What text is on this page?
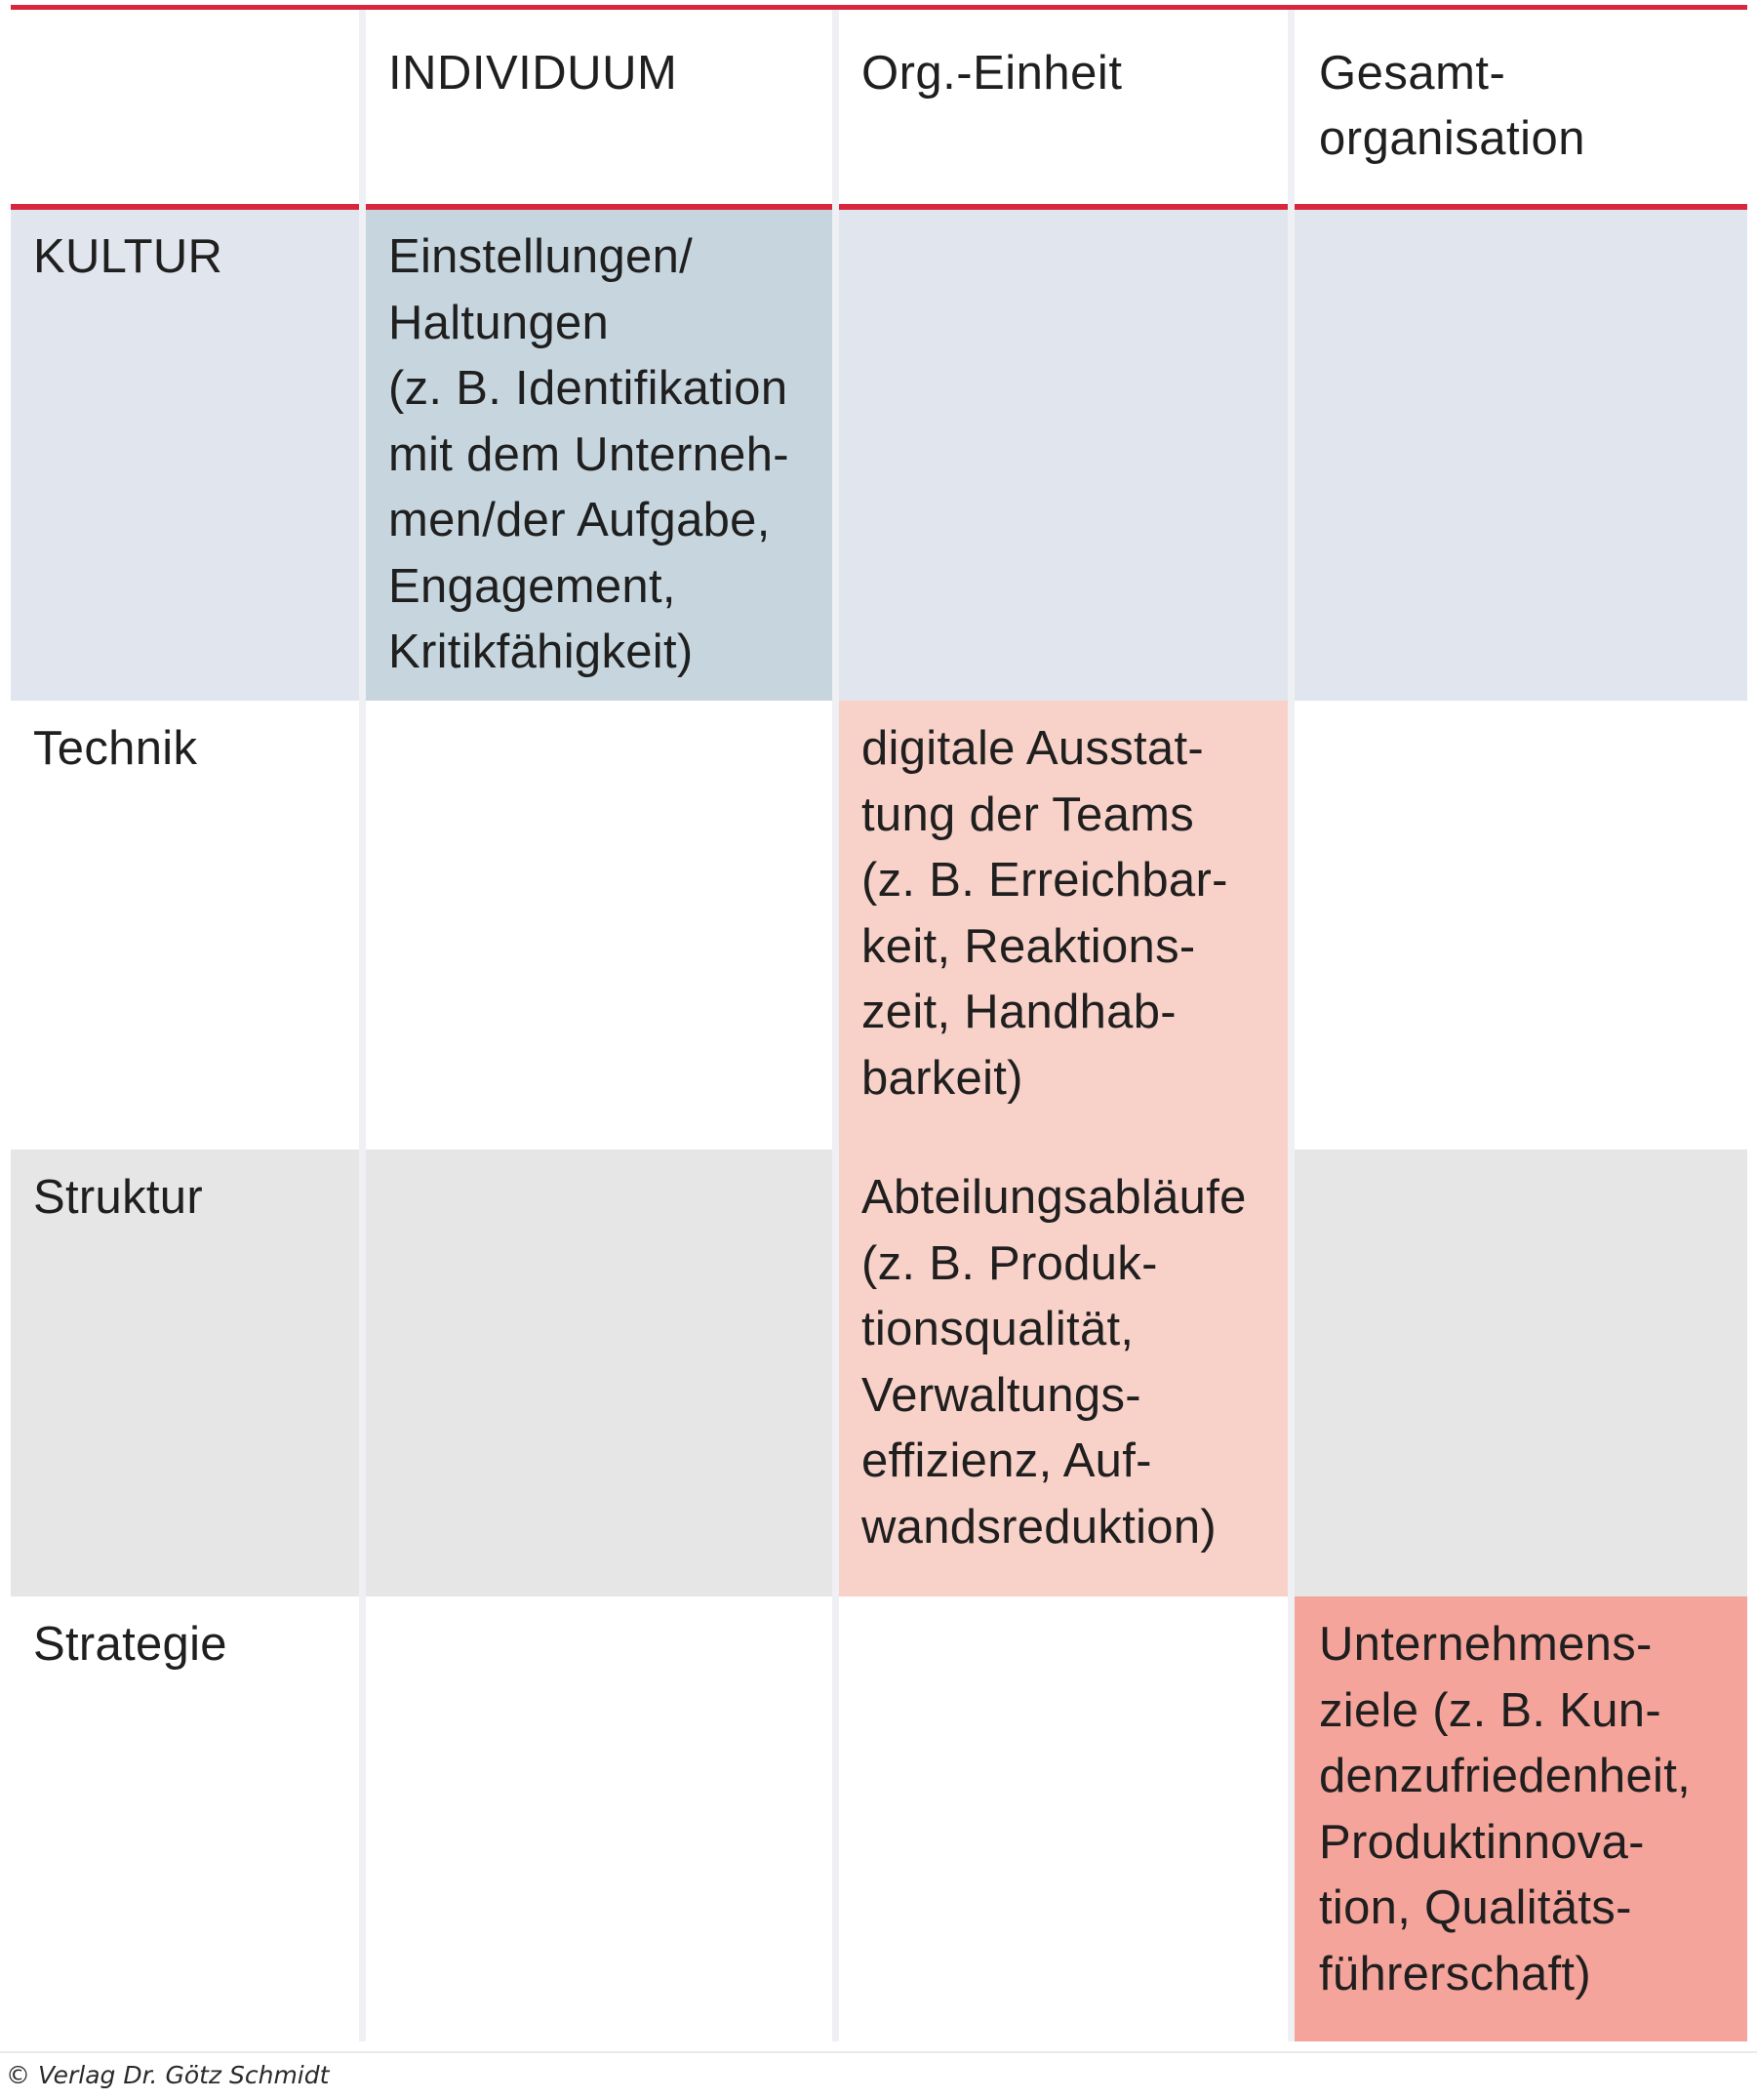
INDIVIDUUM	Org.-Einheit	Gesamt-
organisation
KULTUR
Technik
Struktur
Strategie
Einstellungen/
Haltungen
(z. B. Identifikation
mit dem Unterneh-
men/der Aufgabe,
Engagement,
Kritikfähigkeit)
digitale Ausstat-
tung der Teams
(z. B. Erreichbar-
keit, Reaktions-
zeit, Handhab-
barkeit)
Abteilungsabläufe
(z. B. Produk-
tionsqualität,
Verwaltungs-
effizienz, Auf-
wandsreduktion)
Unternehmens-
ziele (z. B. Kun-
denzufriedenheit,
Produktinnova-
tion, Qualitäts-
führerschaft)
© Verlag Dr. Götz Schmidt
